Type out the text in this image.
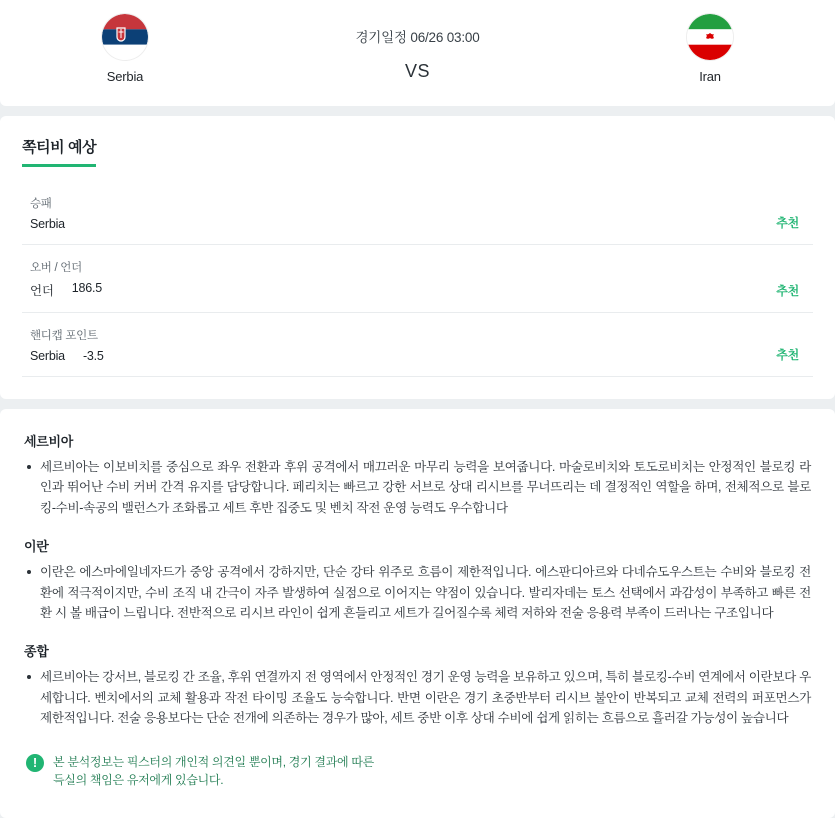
Serbia
경기일정 06/26 03:00
VS	Iran
쪽티비 예상
승패
Serbia	추천
오버 / 언더
언더 186.5	추천
핸디캡 포인트
Serbia -3.5	추천
세르비아
세르비아는 이보비치를 중심으로 좌우 전환과 후위 공격에서 매끄러운 마무리 능력을 보여줍니다. 마술로비치와 토도로비치는 안정적인 블로킹 라인과 뛰어난 수비 커버 간격 유지를 담당합니다. 페리치는 빠르고 강한 서브로 상대 리시브를 무너뜨리는 데 결정적인 역할을 하며, 전체적으로 블로킹-수비-속공의 밸런스가 조화롭고 세트 후반 집중도 및 벤치 작전 운영 능력도 우수합니다
이란
이란은 에스마에일네자드가 중앙 공격에서 강하지만, 단순 강타 위주로 흐름이 제한적입니다. 에스판디아르와 다네슈도우스트는 수비와 블로킹 전환에 적극적이지만, 수비 조직 내 간극이 자주 발생하여 실점으로 이어지는 약점이 있습니다. 발리자데는 토스 선택에서 과감성이 부족하고 빠른 전환 시 볼 배급이 느립니다. 전반적으로 리시브 라인이 쉽게 흔들리고 세트가 길어질수록 체력 저하와 전술 응용력 부족이 드러나는 구조입니다
종합
세르비아는 강서브, 블로킹 간 조율, 후위 연결까지 전 영역에서 안정적인 경기 운영 능력을 보유하고 있으며, 특히 블로킹-수비 연계에서 이란보다 우세합니다. 벤치에서의 교체 활용과 작전 타이밍 조율도 능숙합니다. 반면 이란은 경기 초중반부터 리시브 불안이 반복되고 교체 전력의 퍼포먼스가 제한적입니다. 전술 응용보다는 단순 전개에 의존하는 경우가 많아, 세트 중반 이후 상대 수비에 쉽게 읽히는 흐름으로 흘러갈 가능성이 높습니다
!	본 분석정보는 픽스터의 개인적 의견일 뿐이며, 경기 결과에 따른
득실의 책임은 유저에게 있습니다.
